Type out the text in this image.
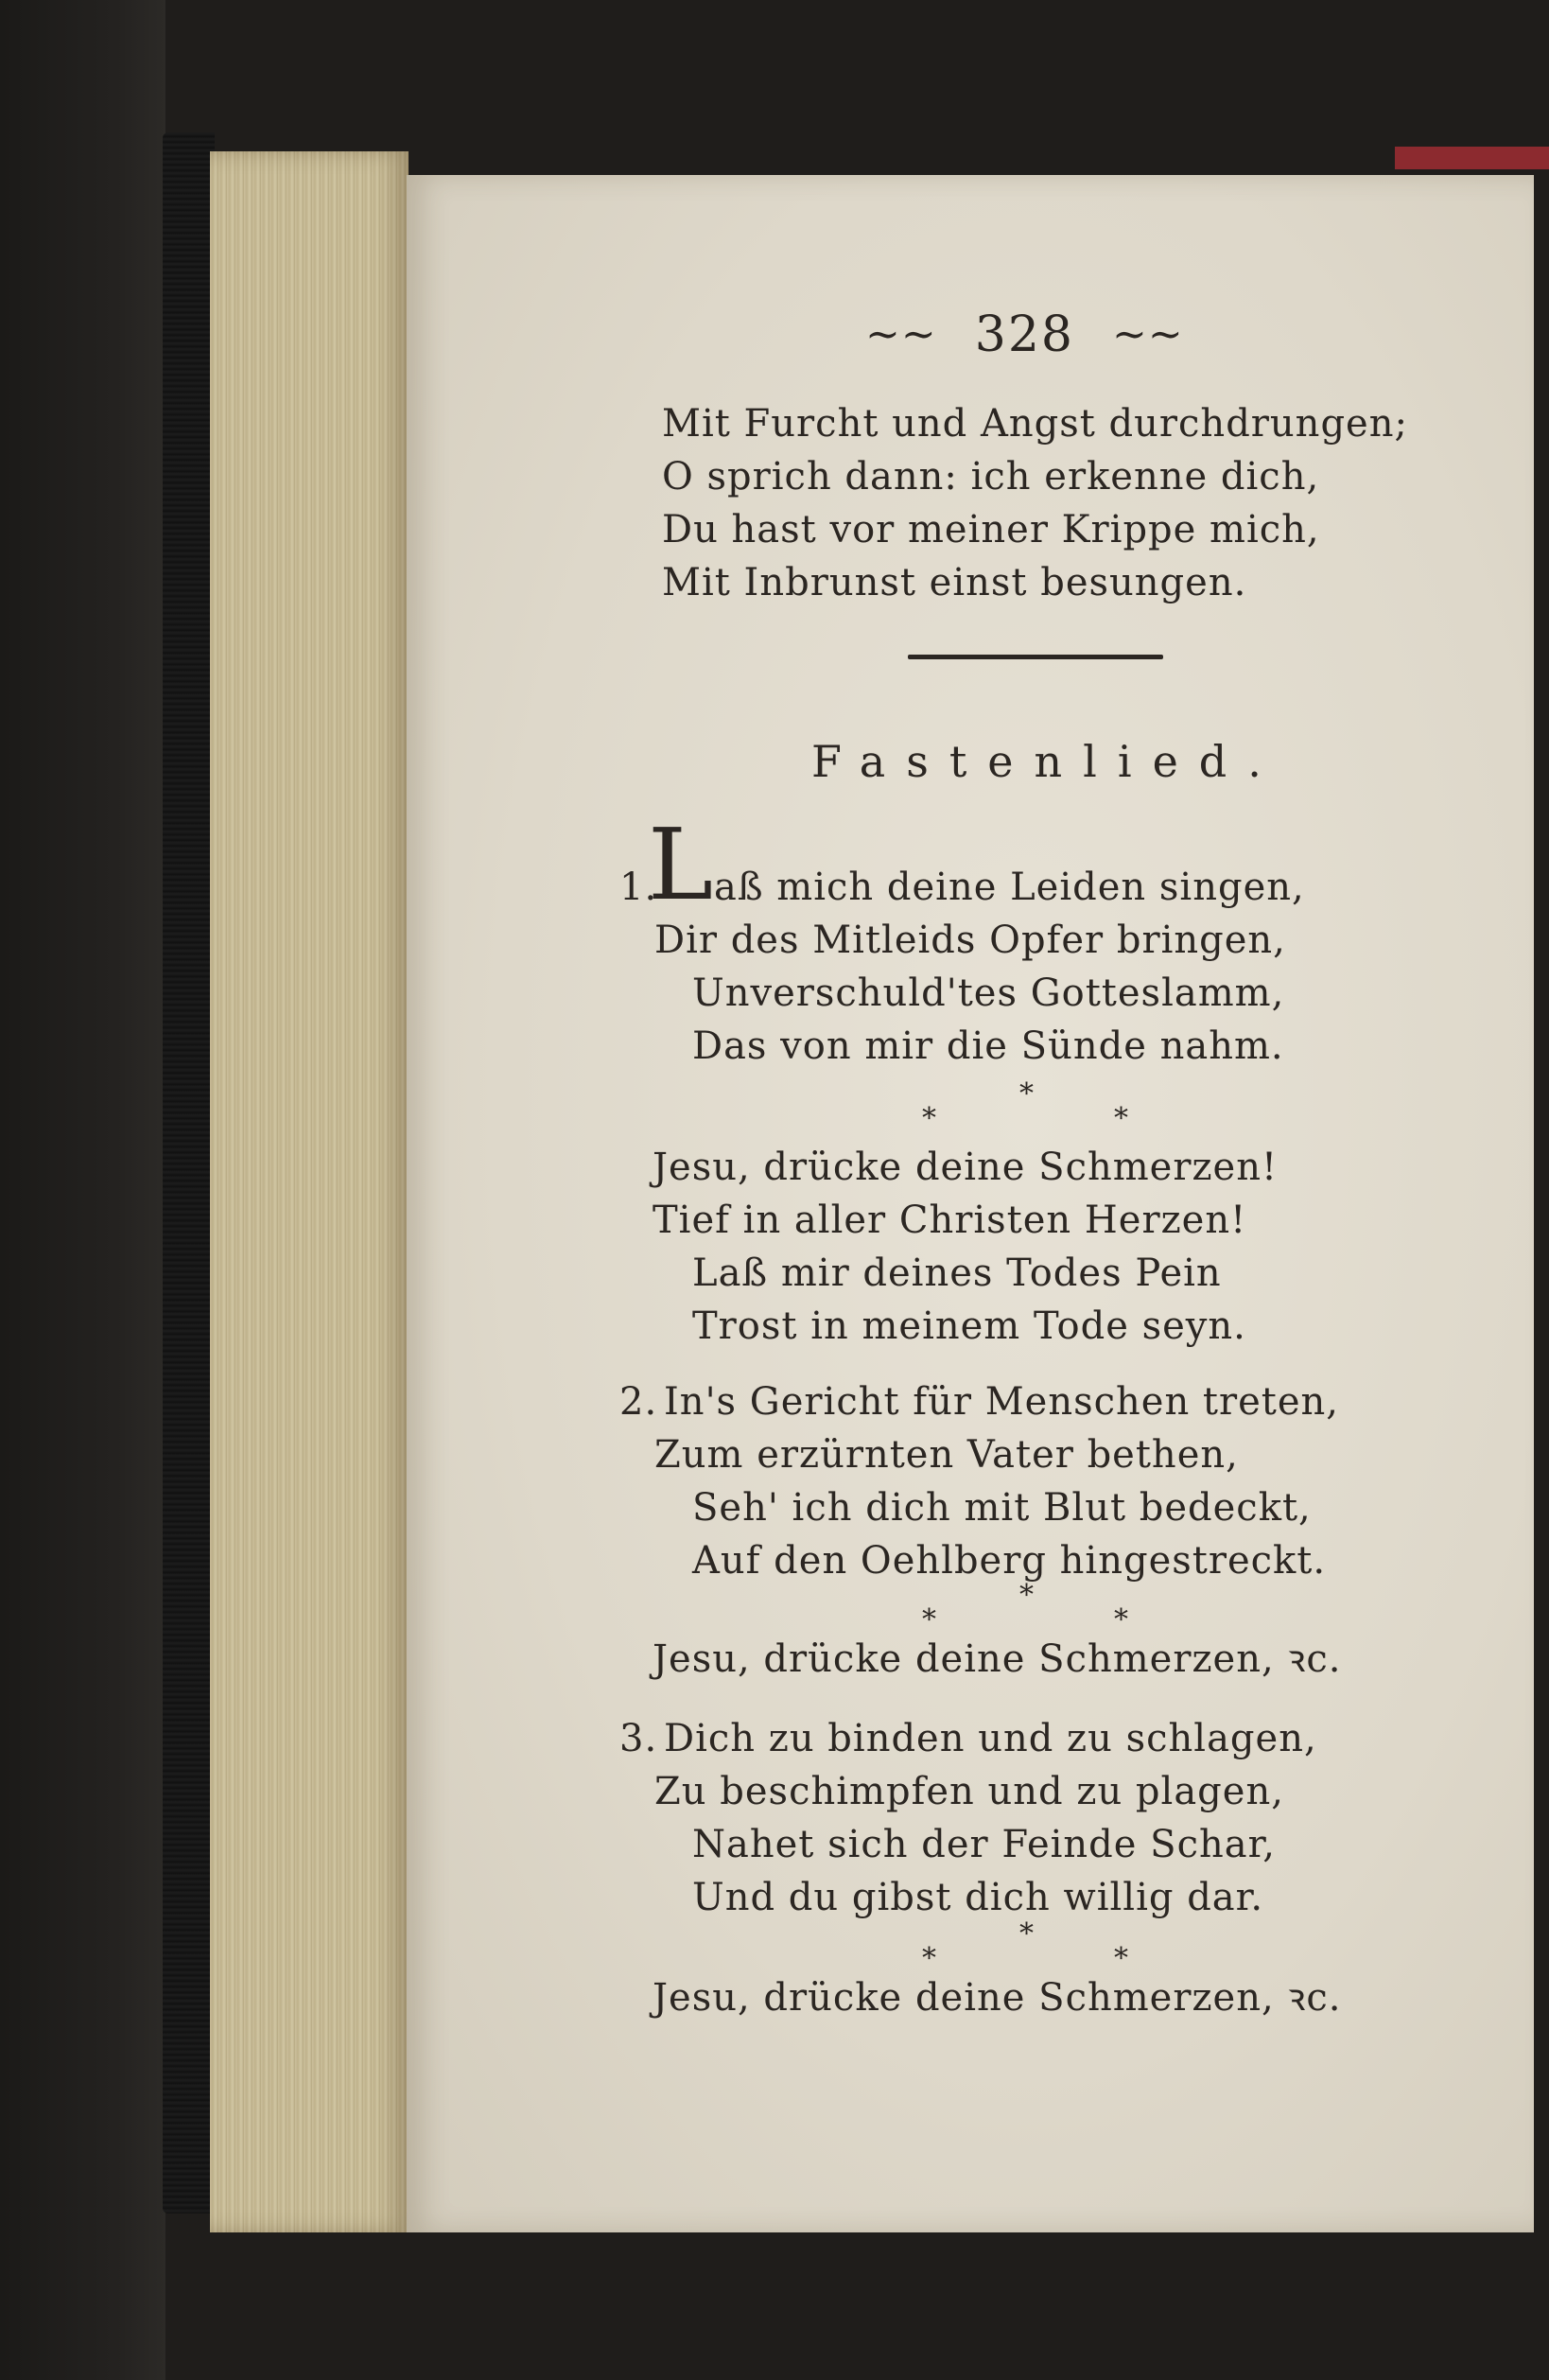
~~ 328 ~~
Mit Furcht und Angst durchdrungen;
O sprich dann: ich erkenne dich,
Du hast vor meiner Krippe mich,
Mit Inbrunst einst besungen.
Fastenlied.
1.
L aß mich deine Leiden singen,
Dir des Mitleids Opfer bringen,
Unverschuld'tes Gotteslamm,
Das von mir die Sünde nahm.
*
*	*
Jesu, drücke deine Schmerzen!
Tief in aller Christen Herzen!
Laß mir deines Todes Pein
Trost in meinem Tode seyn.
2. In's Gericht für Menschen treten,
Zum erzürnten Vater bethen,
Seh' ich dich mit Blut bedeckt,
Auf den Oehlberg hingestreckt.
*
*	*
Jesu, drücke deine Schmerzen, ꝛc.
3. Dich zu binden und zu schlagen,
Zu beschimpfen und zu plagen,
Nahet sich der Feinde Schar,
Und du gibst dich willig dar.
*
*	*
Jesu, drücke deine Schmerzen, ꝛc.
